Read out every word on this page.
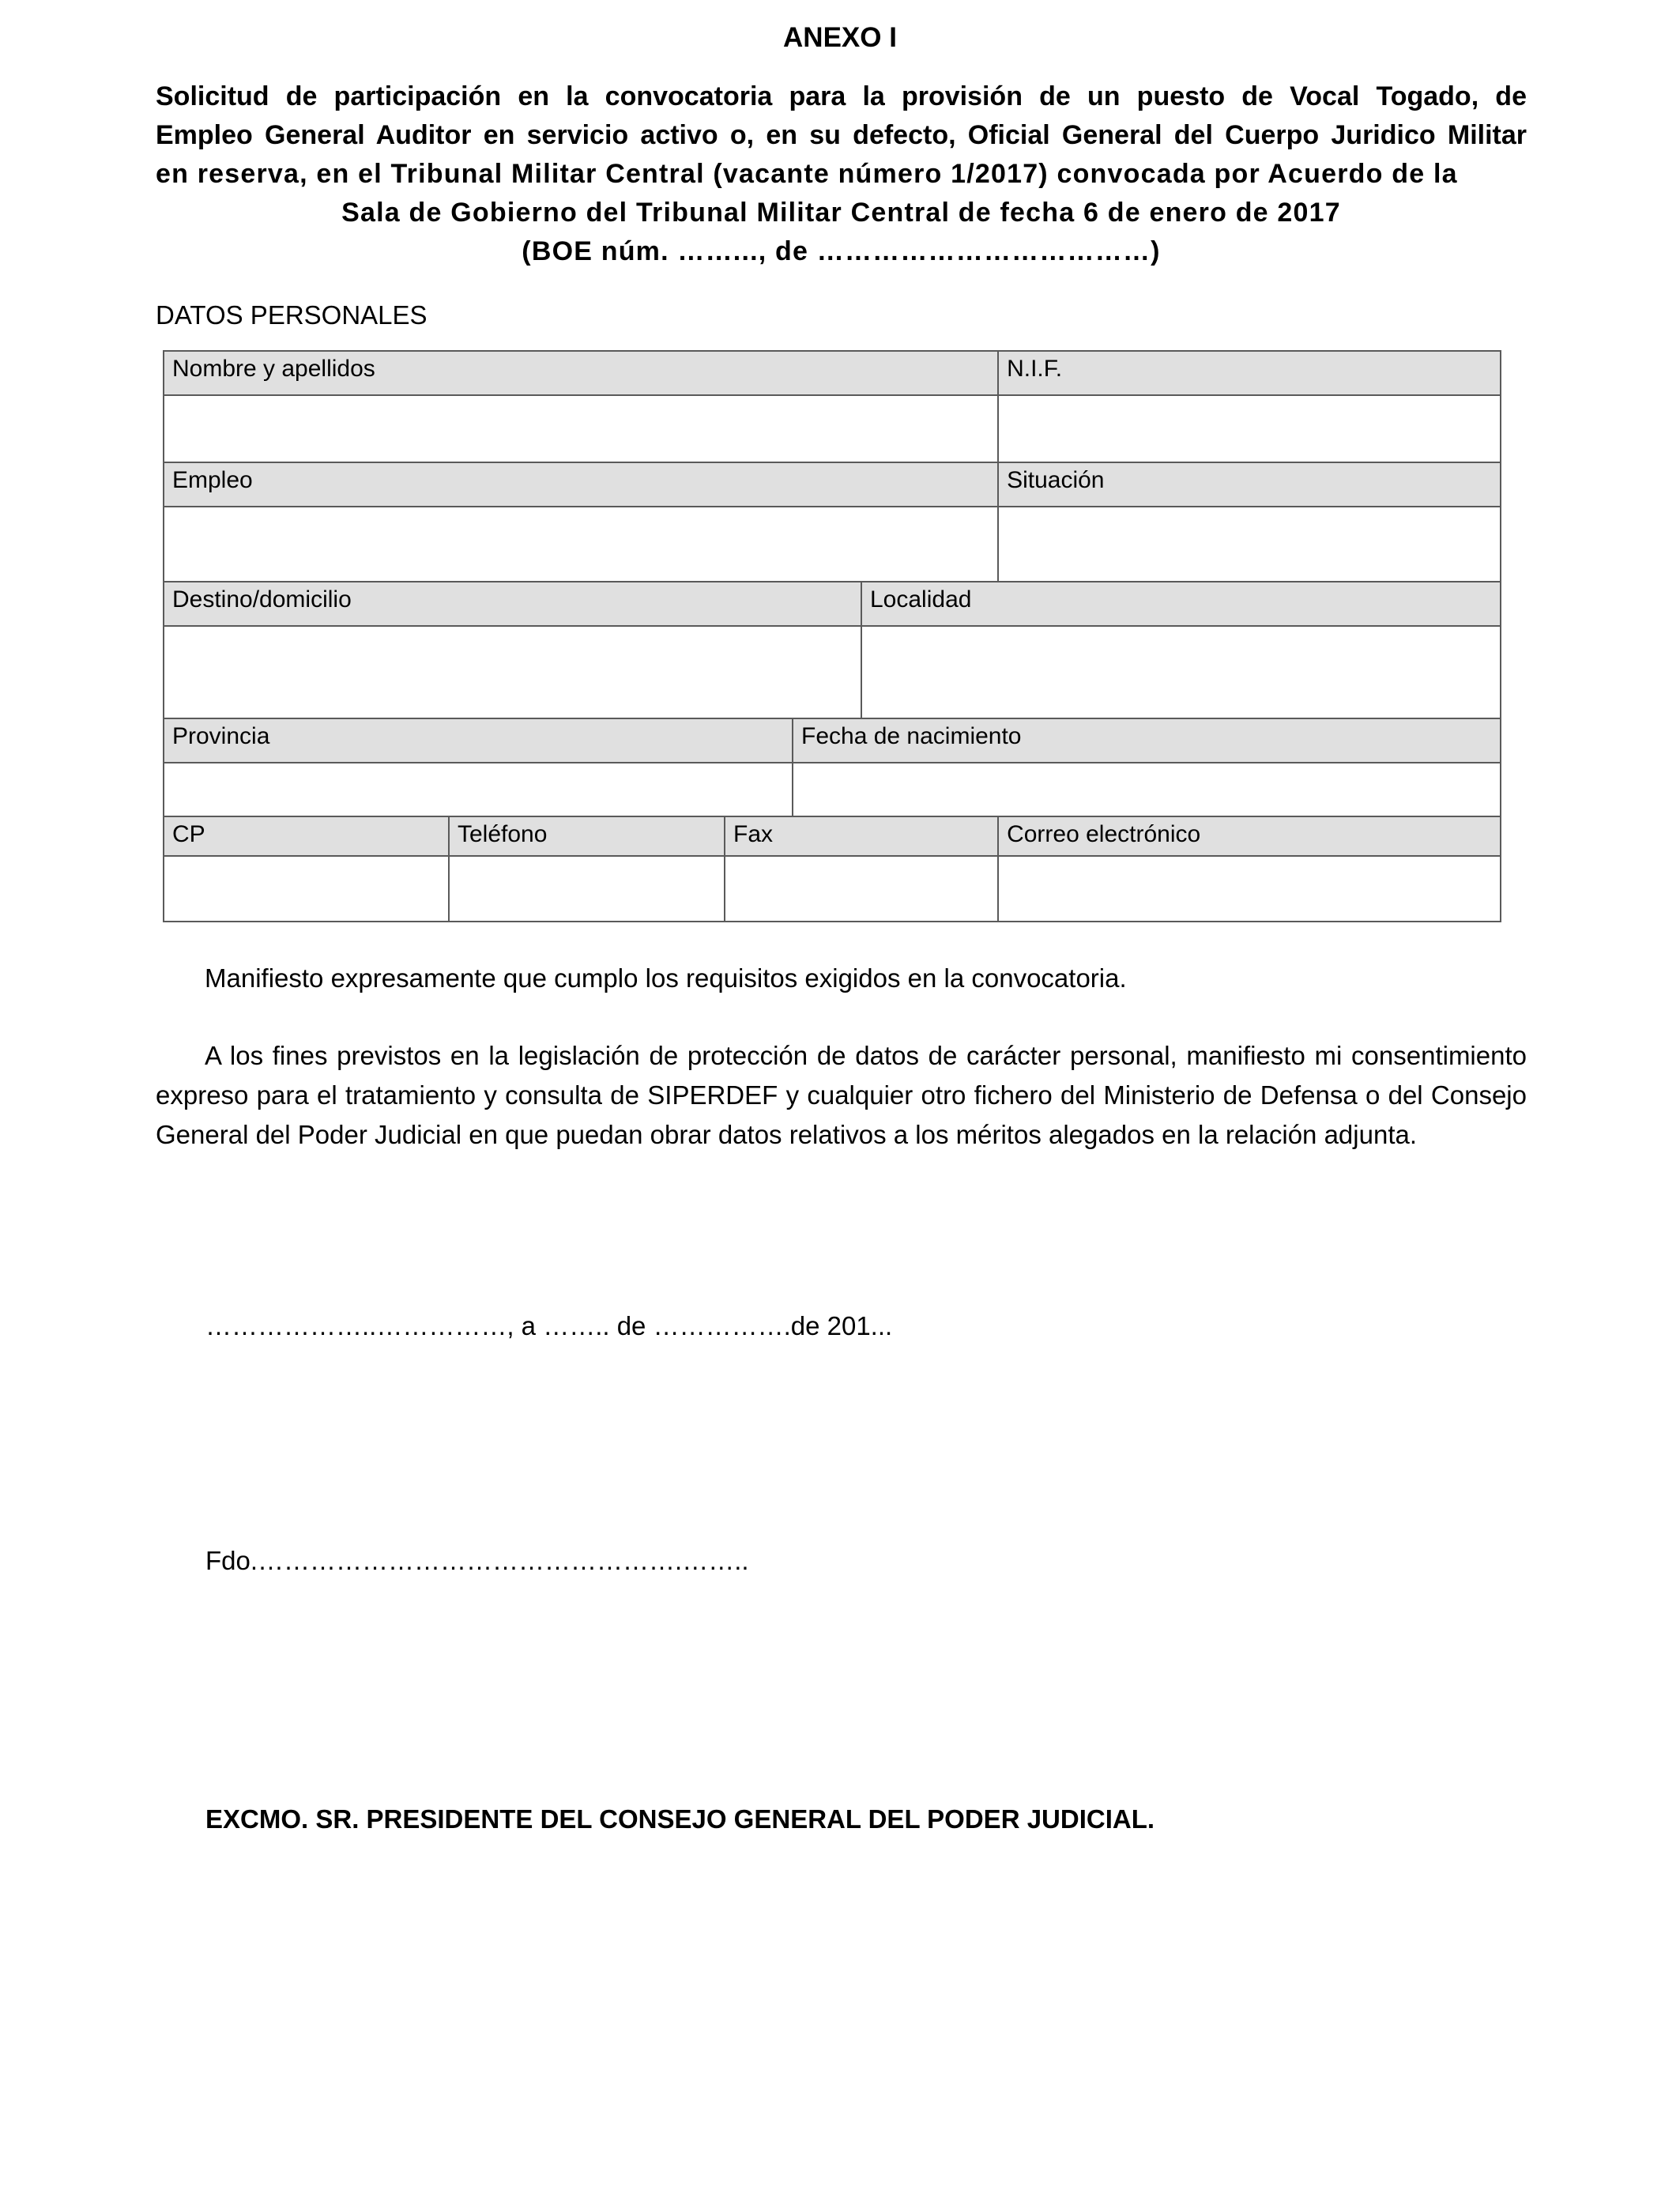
ANEXO I
Solicitud de participación en la convocatoria para la provisión de un puesto de Vocal Togado, de
Empleo General Auditor en servicio activo o, en su defecto, Oficial General del Cuerpo Juridico Militar
en reserva, en el Tribunal Militar Central (vacante número 1/2017) convocada por Acuerdo de la
Sala de Gobierno del Tribunal Militar Central de fecha 6 de enero de 2017
(BOE núm. ……..., de ………………………………)
DATOS PERSONALES
Nombre y apellidos					N.I.F.

Empleo					Situación

Destino/domicilio				Localidad	

Provincia			Fecha de nacimiento		

CP	Teléfono	Fax			Correo electrónico

Manifiesto expresamente que cumplo los requisitos exigidos en la convocatoria.
A los fines previstos en la legislación de protección de datos de carácter personal, manifiesto mi consentimiento expreso para el tratamiento y consulta de SIPERDEF y cualquier otro fichero del Ministerio de Defensa o del Consejo General del Poder Judicial en que puedan obrar datos relativos a los méritos alegados en la relación adjunta.
………………..……………, a …….. de …………….de 201...
Fdo.………………………………………….……..
EXCMO. SR. PRESIDENTE DEL CONSEJO GENERAL DEL PODER JUDICIAL.
